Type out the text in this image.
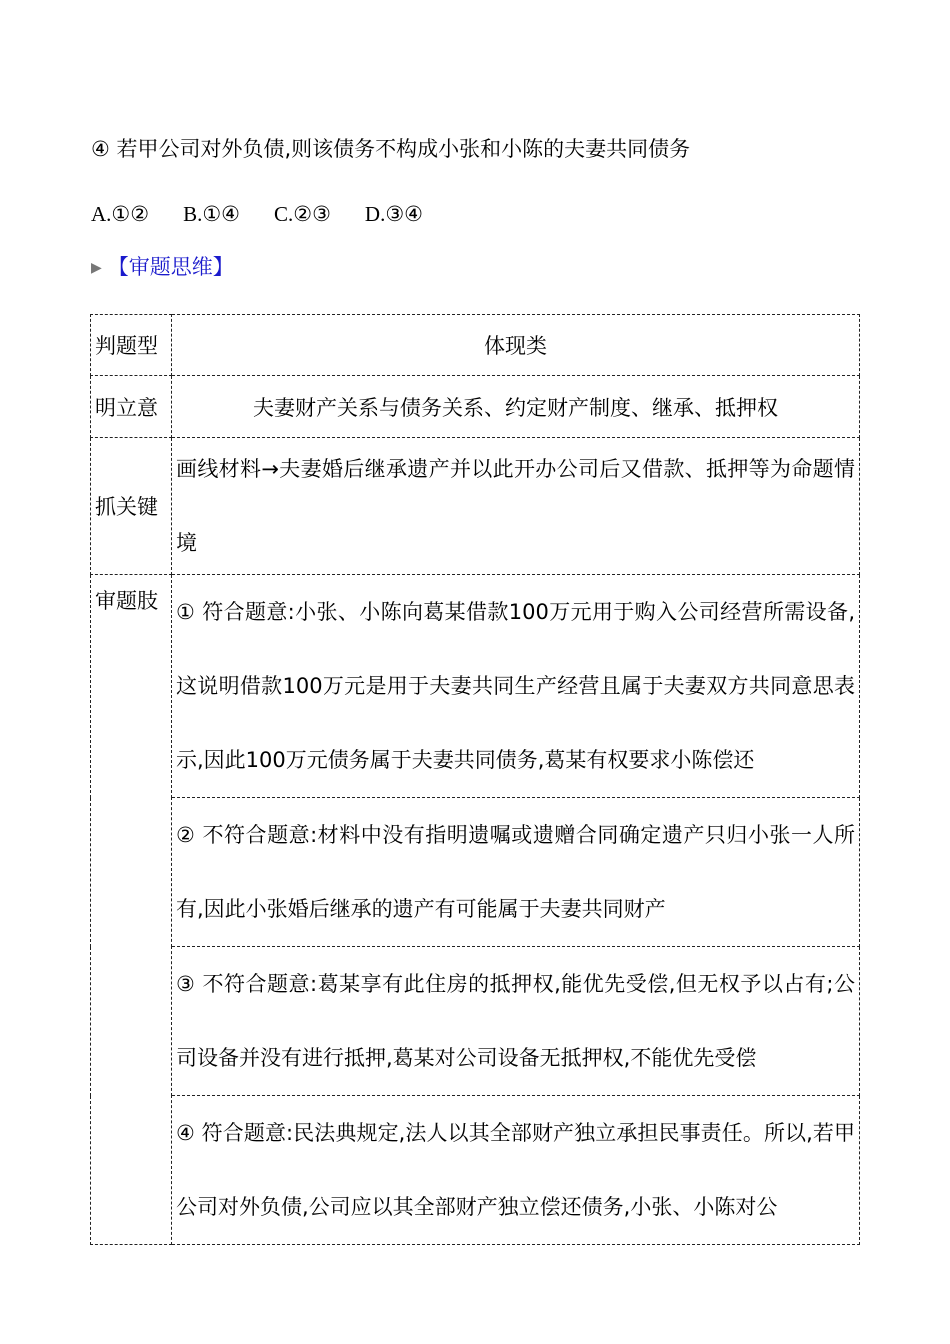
④ 若甲公司对外负债,则该债务不构成小张和小陈的夫妻共同债务
A.①② B.①④ C.②③ D.③④
▶ 【审题思维】
判题型	体现类
明立意	夫妻财产关系与债务关系、约定财产制度、继承、抵押权
抓关键	画线材料→夫妻婚后继承遗产并以此开办公司后又借款、抵押等为命题情境

审题肢	① 符合题意:小张、小陈向葛某借款100万元用于购入公司经营所需设备,这说明借款100万元是用于夫妻共同生产经营且属于夫妻双方共同意思表示,因此100万元债务属于夫妻共同债务,葛某有权要求小陈偿还

	② 不符合题意:材料中没有指明遗嘱或遗赠合同确定遗产只归小张一人所有,因此小张婚后继承的遗产有可能属于夫妻共同财产

	③ 不符合题意:葛某享有此住房的抵押权,能优先受偿,但无权予以占有;公司设备并没有进行抵押,葛某对公司设备无抵押权,不能优先受偿

	④ 符合题意:民法典规定,法人以其全部财产独立承担民事责任。所以,若甲公司对外负债,公司应以其全部财产独立偿还债务,小张、小陈对公
